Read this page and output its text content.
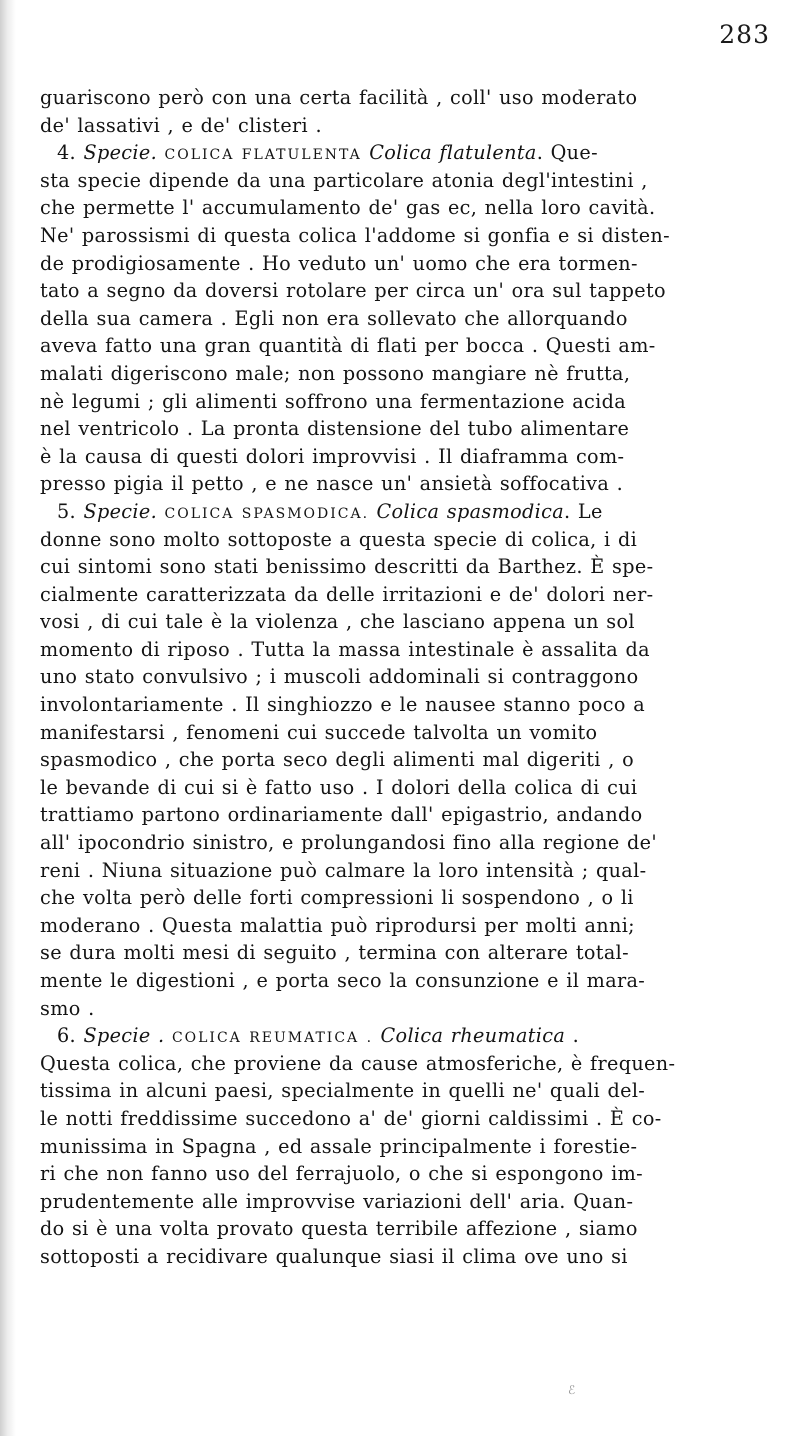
283
guariscono però con una certa facilità , coll' uso moderato
de' lassativi , e de' clisteri .
4. Specie. COLICA FLATULENTA Colica flatulenta. Que-
sta specie dipende da una particolare atonia degl'intestini ,
che permette l' accumulamento de' gas ec, nella loro cavità.
Ne' parossismi di questa colica l'addome si gonfia e si disten-
de prodigiosamente . Ho veduto un' uomo che era tormen-
tato a segno da doversi rotolare per circa un' ora sul tappeto
della sua camera . Egli non era sollevato che allorquando
aveva fatto una gran quantità di flati per bocca . Questi am-
malati digeriscono male; non possono mangiare nè frutta,
nè legumi ; gli alimenti soffrono una fermentazione acida
nel ventricolo . La pronta distensione del tubo alimentare
è la causa di questi dolori improvvisi . Il diaframma com-
presso pigia il petto , e ne nasce un' ansietà soffocativa .
5. Specie. COLICA SPASMODICA. Colica spasmodica. Le
donne sono molto sottoposte a questa specie di colica, i di
cui sintomi sono stati benissimo descritti da Barthez. È spe-
cialmente caratterizzata da delle irritazioni e de' dolori ner-
vosi , di cui tale è la violenza , che lasciano appena un sol
momento di riposo . Tutta la massa intestinale è assalita da
uno stato convulsivo ; i muscoli addominali si contraggono
involontariamente . Il singhiozzo e le nausee stanno poco a
manifestarsi , fenomeni cui succede talvolta un vomito
spasmodico , che porta seco degli alimenti mal digeriti , o
le bevande di cui si è fatto uso . I dolori della colica di cui
trattiamo partono ordinariamente dall' epigastrio, andando
all' ipocondrio sinistro, e prolungandosi fino alla regione de'
reni . Niuna situazione può calmare la loro intensità ; qual-
che volta però delle forti compressioni li sospendono , o li
moderano . Questa malattia può riprodursi per molti anni;
se dura molti mesi di seguito , termina con alterare total-
mente le digestioni , e porta seco la consunzione e il mara-
smo .
6. Specie . COLICA REUMATICA . Colica rheumatica .
Questa colica, che proviene da cause atmosferiche, è frequen-
tissima in alcuni paesi, specialmente in quelli ne' quali del-
le notti freddissime succedono a' de' giorni caldissimi . È co-
munissima in Spagna , ed assale principalmente i forestie-
ri che non fanno uso del ferrajuolo, o che si espongono im-
prudentemente alle improvvise variazioni dell' aria. Quan-
do si è una volta provato questa terribile affezione , siamo
sottoposti a recidivare qualunque siasi il clima ove uno si
ℰ
